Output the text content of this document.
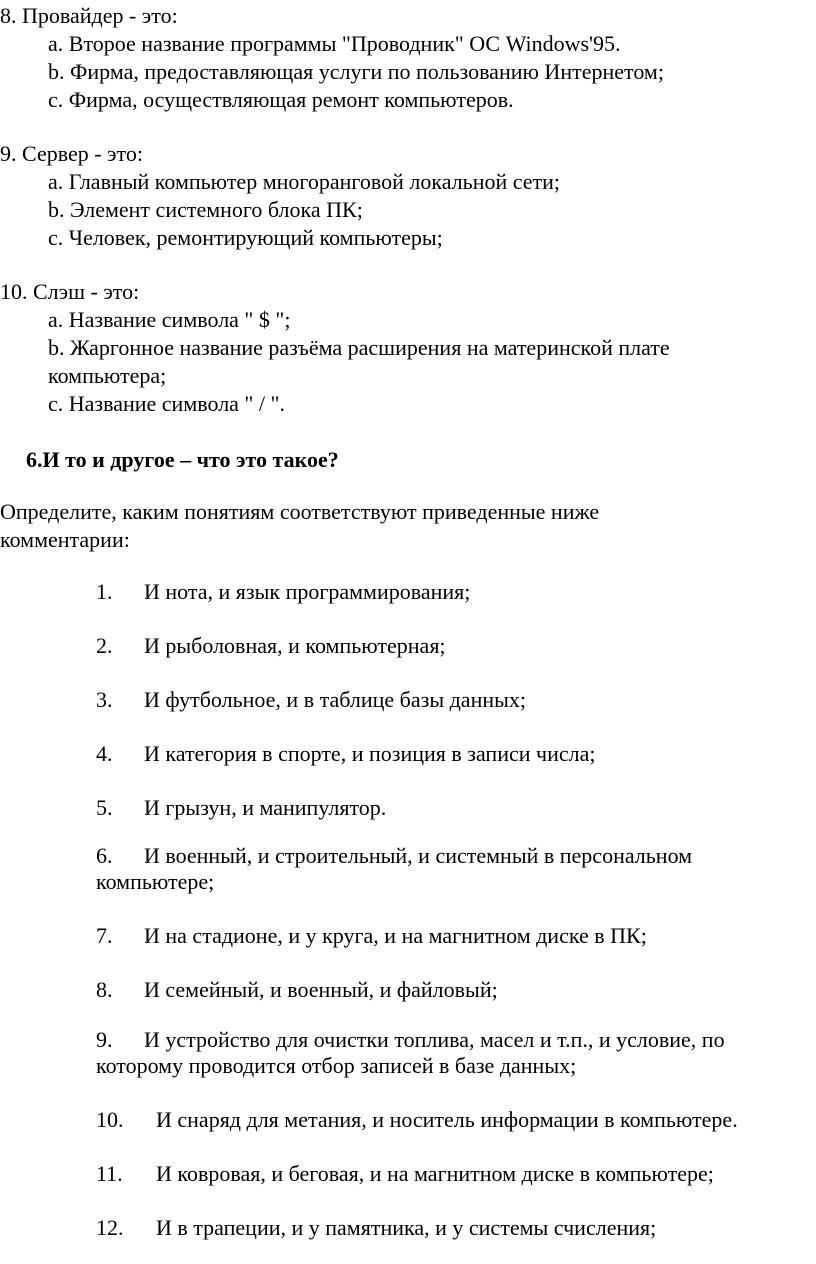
8. Провайдер - это:
a. Второе название программы "Проводник" ОС Windows'95.
b. Фирма, предоставляющая услуги по пользованию Интернетом;
c. Фирма, осуществляющая ремонт компьютеров.
9. Сервер - это:
a. Главный компьютер многоранговой локальной сети;
b. Элемент системного блока ПК;
c. Человек, ремонтирующий компьютеры;
10. Слэш - это:
a. Название символа " $ ";
b. Жаргонное название разъёма расширения на материнской плате
компьютера;
c. Название символа " / ".
6.И то и другое – что это такое?
Определите, каким понятиям соответствуют приведенные ниже
комментарии:
1. И нота, и язык программирования;
2. И рыболовная, и компьютерная;
3. И футбольное, и в таблице базы данных;
4. И категория в спорте, и позиция в записи числа;
5. И грызун, и манипулятор.
6. И военный, и строительный, и системный в персональном
компьютере;
7. И на стадионе, и у круга, и на магнитном диске в ПК;
8. И семейный, и военный, и файловый;
9. И устройство для очистки топлива, масел и т.п., и условие, по
которому проводится отбор записей в базе данных;
10. И снаряд для метания, и носитель информации в компьютере.
11. И ковровая, и беговая, и на магнитном диске в компьютере;
12. И в трапеции, и у памятника, и у системы счисления;
